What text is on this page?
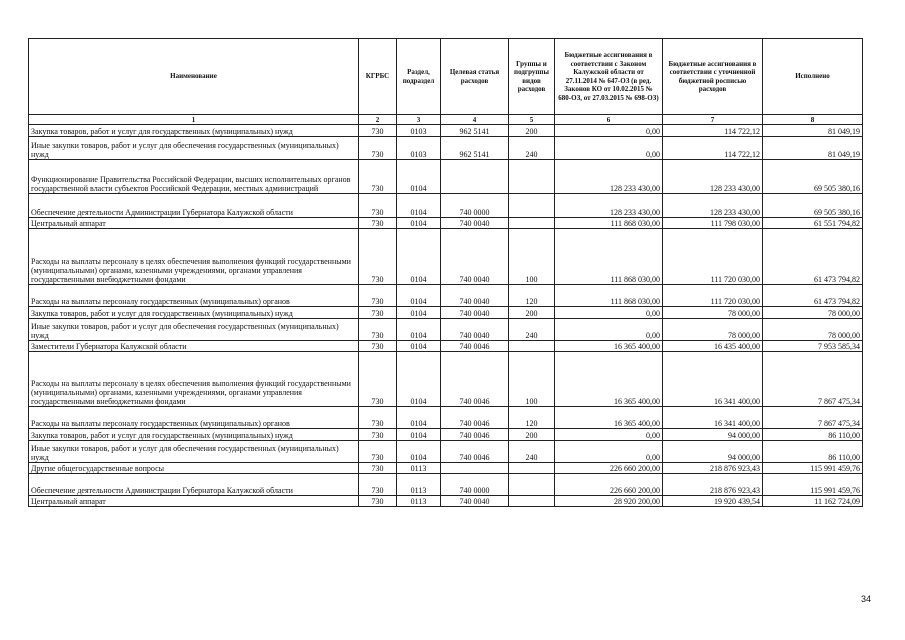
Наименование	КГРБС	Раздел, подраздел	Целевая статья расходов	Группы и подгруппы видов расходов	Бюджетные ассигнования в соответствии с Законом Калужской области от 27.11.2014 № 647-ОЗ (в ред. Законов КО от 10.02.2015 № 680-ОЗ, от 27.03.2015 № 698-ОЗ)	Бюджетные ассигнования в соответствии с уточненной бюджетной росписью расходов	Исполнено
1	2	3	4	5	6	7	8
Закупка товаров, работ и услуг для государственных (муниципальных) нужд	730	0103	962 5141	200	0,00	114 722,12	81 049,19
Иные закупки товаров, работ и услуг для обеспечения государственных (муниципальных) нужд	730	0103	962 5141	240	0,00	114 722,12	81 049,19
Функционирование Правительства Российской Федерации, высших исполнительных органов государственной власти субъектов Российской Федерации, местных администраций	730	0104			128 233 430,00	128 233 430,00	69 505 380,16
Обеспечение деятельности Администрации Губернатора Калужской области	730	0104	740 0000		128 233 430,00	128 233 430,00	69 505 380,16
Центральный аппарат	730	0104	740 0040		111 868 030,00	111 798 030,00	61 551 794,82
Расходы на выплаты персоналу в целях обеспечения выполнения функций государственными (муниципальными) органами, казенными учреждениями, органами управления государственными внебюджетными фондами	730	0104	740 0040	100	111 868 030,00	111 720 030,00	61 473 794,82
Расходы на выплаты персоналу государственных (муниципальных) органов	730	0104	740 0040	120	111 868 030,00	111 720 030,00	61 473 794,82
Закупка товаров, работ и услуг для государственных (муниципальных) нужд	730	0104	740 0040	200	0,00	78 000,00	78 000,00
Иные закупки товаров, работ и услуг для обеспечения государственных (муниципальных) нужд	730	0104	740 0040	240	0,00	78 000,00	78 000,00
Заместители Губернатора Калужской области	730	0104	740 0046		16 365 400,00	16 435 400,00	7 953 585,34
Расходы на выплаты персоналу в целях обеспечения выполнения функций государственными (муниципальными) органами, казенными учреждениями, органами управления государственными внебюджетными фондами	730	0104	740 0046	100	16 365 400,00	16 341 400,00	7 867 475,34
Расходы на выплаты персоналу государственных (муниципальных) органов	730	0104	740 0046	120	16 365 400,00	16 341 400,00	7 867 475,34
Закупка товаров, работ и услуг для государственных (муниципальных) нужд	730	0104	740 0046	200	0,00	94 000,00	86 110,00
Иные закупки товаров, работ и услуг для обеспечения государственных (муниципальных) нужд	730	0104	740 0046	240	0,00	94 000,00	86 110,00
Другие общегосударственные вопросы	730	0113			226 660 200,00	218 876 923,43	115 991 459,76
Обеспечение деятельности Администрации Губернатора Калужской области	730	0113	740 0000		226 660 200,00	218 876 923,43	115 991 459,76
Центральный аппарат	730	0113	740 0040		28 920 200,00	19 920 439,54	11 162 724,09
34
